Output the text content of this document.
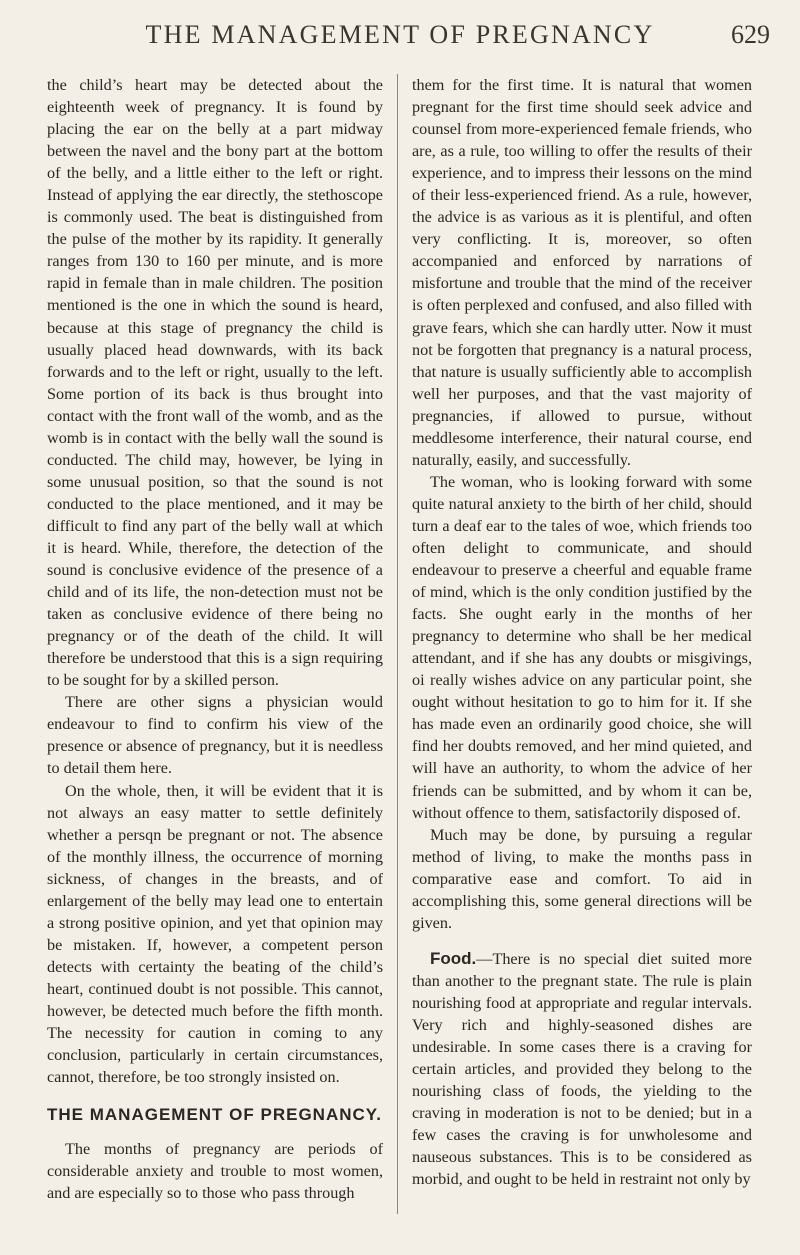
THE MANAGEMENT OF PREGNANCY	629

the child’s heart may be detected about the eighteenth week of pregnancy. It is found by placing the ear on the belly at a part midway between the navel and the bony part at the bottom of the belly, and a little either to the left or right. Instead of applying the ear directly, the stethoscope is commonly used. The beat is distinguished from the pulse of the mother by its rapidity. It generally ranges from 130 to 160 per minute, and is more rapid in female than in male children. The position mentioned is the one in which the sound is heard, because at this stage of pregnancy the child is usually placed head downwards, with its back forwards and to the left or right, usually to the left. Some portion of its back is thus brought into contact with the front wall of the womb, and as the womb is in contact with the belly wall the sound is conducted. The child may, however, be lying in some unusual position, so that the sound is not conducted to the place mentioned, and it may be difficult to find any part of the belly wall at which it is heard. While, therefore, the detection of the sound is conclusive evidence of the presence of a child and of its life, the non-detection must not be taken as conclusive evidence of there being no pregnancy or of the death of the child. It will therefore be understood that this is a sign requiring to be sought for by a skilled person.

There are other signs a physician would endeavour to find to confirm his view of the presence or absence of pregnancy, but it is needless to detail them here.

On the whole, then, it will be evident that it is not always an easy matter to settle definitely whether a persqn be pregnant or not. The absence of the monthly illness, the occurrence of morning sickness, of changes in the breasts, and of enlargement of the belly may lead one to entertain a strong positive opinion, and yet that opinion may be mistaken. If, however, a competent person detects with certainty the beating of the child’s heart, continued doubt is not possible. This cannot, however, be detected much before the fifth month. The necessity for caution in coming to any conclusion, particularly in certain circumstances, cannot, therefore, be too strongly insisted on.

THE MANAGEMENT OF PREGNANCY.

The months of pregnancy are periods of considerable anxiety and trouble to most women, and are especially so to those who pass through

them for the first time. It is natural that women pregnant for the first time should seek advice and counsel from more-experienced female friends, who are, as a rule, too willing to offer the results of their experience, and to impress their lessons on the mind of their less-experienced friend. As a rule, however, the advice is as various as it is plentiful, and often very conflicting. It is, moreover, so often accompanied and enforced by narrations of misfortune and trouble that the mind of the receiver is often perplexed and confused, and also filled with grave fears, which she can hardly utter. Now it must not be forgotten that pregnancy is a natural process, that nature is usually sufficiently able to accomplish well her purposes, and that the vast majority of pregnancies, if allowed to pursue, without meddlesome interference, their natural course, end naturally, easily, and successfully.

The woman, who is looking forward with some quite natural anxiety to the birth of her child, should turn a deaf ear to the tales of woe, which friends too often delight to communicate, and should endeavour to preserve a cheerful and equable frame of mind, which is the only condition justified by the facts. She ought early in the months of her pregnancy to determine who shall be her medical attendant, and if she has any doubts or misgivings, oi really wishes advice on any particular point, she ought without hesitation to go to him for it. If she has made even an ordinarily good choice, she will find her doubts removed, and her mind quieted, and will have an authority, to whom the advice of her friends can be submitted, and by whom it can be, without offence to them, satisfactorily disposed of.

Much may be done, by pursuing a regular method of living, to make the months pass in comparative ease and comfort. To aid in accomplishing this, some general directions will be given.

Food.—There is no special diet suited more than another to the pregnant state. The rule is plain nourishing food at appropriate and regular intervals. Very rich and highly-seasoned dishes are undesirable. In some cases there is a craving for certain articles, and provided they belong to the nourishing class of foods, the yielding to the craving in moderation is not to be denied; but in a few cases the craving is for unwholesome and nauseous substances. This is to be considered as morbid, and ought to be held in restraint not only by
